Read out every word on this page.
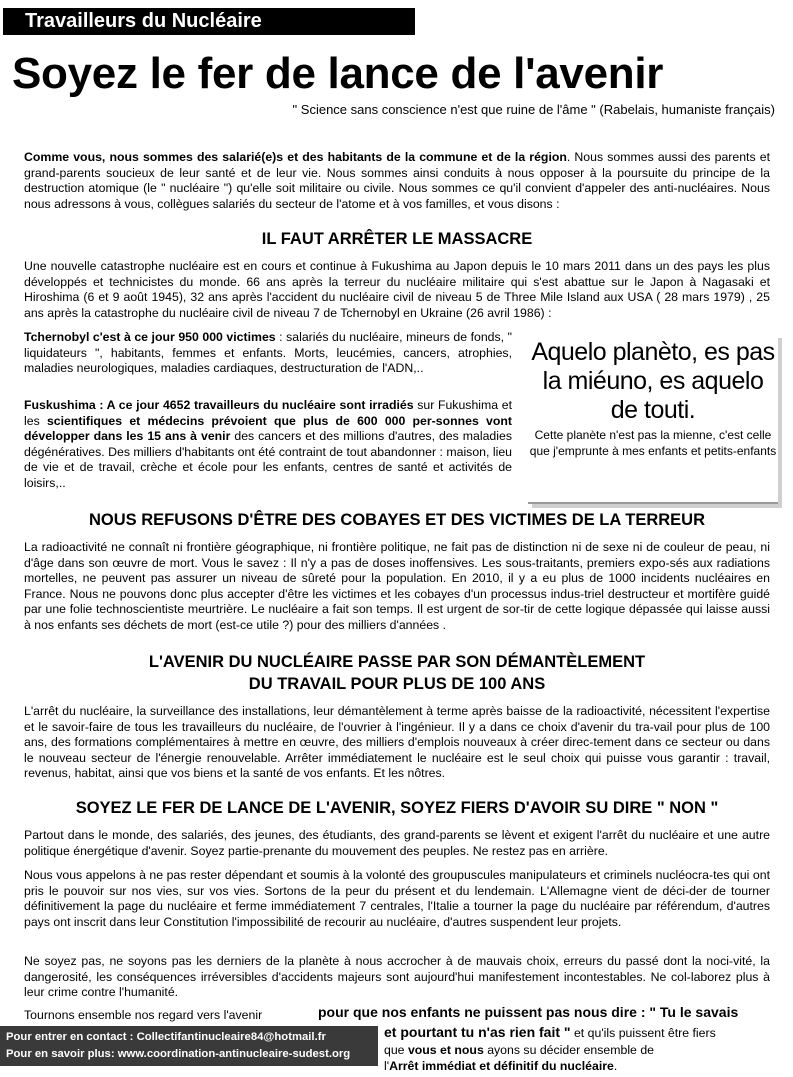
Travailleurs du Nucléaire
Soyez le fer de lance de l'avenir
" Science sans conscience n'est que ruine de l'âme " (Rabelais, humaniste français)
Comme vous, nous sommes des salarié(e)s et des habitants de la commune et de la région. Nous sommes aussi des parents et grand-parents soucieux de leur santé et de leur vie. Nous sommes ainsi conduits à nous opposer à la poursuite du principe de la destruction atomique (le " nucléaire ") qu'elle soit militaire ou civile. Nous sommes ce qu'il convient d'appeler des anti-nucléaires. Nous nous adressons à vous, collègues salariés du secteur de l'atome et à vos familles, et vous disons :
IL FAUT ARRÊTER LE MASSACRE
Une nouvelle catastrophe nucléaire est en cours et continue à Fukushima au Japon depuis le 10 mars 2011 dans un des pays les plus développés et technicistes du monde. 66 ans après la terreur du nucléaire militaire qui s'est abattue sur le Japon à Nagasaki et Hiroshima (6 et 9 août 1945), 32 ans après l'accident du nucléaire civil de niveau 5 de Three Mile Island aux USA ( 28 mars 1979) , 25 ans après la catastrophe du nucléaire civil de niveau 7 de Tchernobyl en Ukraine (26 avril 1986) :
Tchernobyl c'est à ce jour 950 000 victimes : salariés du nucléaire, mineurs de fonds, " liquidateurs ", habitants, femmes et enfants. Morts, leucémies, cancers, atrophies, maladies neurologiques, maladies cardiaques, destructuration de l'ADN,..
Fuskushima : A ce jour 4652 travailleurs du nucléaire sont irradiés sur Fukushima et les scientifiques et médecins prévoient que plus de 600 000 per-sonnes vont développer dans les 15 ans à venir des cancers et des millions d'autres, des maladies dégénératives. Des milliers d'habitants ont été contraint de tout abandonner : maison, lieu de vie et de travail, crèche et école pour les enfants, centres de santé et activités de loisirs,..
Aquelo planèto, es pas la miéuno, es aquelo de touti.
Cette planète n'est pas la mienne, c'est celle que j'emprunte à mes enfants et petits-enfants
NOUS REFUSONS D'ÊTRE DES COBAYES ET DES VICTIMES DE LA TERREUR
La radioactivité ne connaît ni frontière géographique, ni frontière politique, ne fait pas de distinction ni de sexe ni de couleur de peau, ni d'âge dans son œuvre de mort. Vous le savez : Il n'y a pas de doses inoffensives. Les sous-traitants, premiers expo-sés aux radiations mortelles, ne peuvent pas assurer un niveau de sûreté pour la population. En 2010, il y a eu plus de 1000 incidents nucléaires en France. Nous ne pouvons donc plus accepter d'être les victimes et les cobayes d'un processus indus-triel destructeur et mortifère guidé par une folie technoscientiste meurtrière. Le nucléaire a fait son temps. Il est urgent de sor-tir de cette logique dépassée qui laisse aussi à nos enfants ses déchets de mort (est-ce utile ?) pour des milliers d'années .
L'AVENIR DU NUCLÉAIRE PASSE PAR SON DÉMANTÈLEMENT
DU TRAVAIL POUR PLUS DE 100 ANS
L'arrêt du nucléaire, la surveillance des installations, leur démantèlement à terme après baisse de la radioactivité, nécessitent l'expertise et le savoir-faire de tous les travailleurs du nucléaire, de l'ouvrier à l'ingénieur. Il y a dans ce choix d'avenir du tra-vail pour plus de 100 ans, des formations complémentaires à mettre en œuvre, des milliers d'emplois nouveaux à créer direc-tement dans ce secteur ou dans le nouveau secteur de l'énergie renouvelable. Arrêter immédiatement le nucléaire est le seul choix qui puisse vous garantir : travail, revenus, habitat, ainsi que vos biens et la santé de vos enfants. Et les nôtres.
SOYEZ LE FER DE LANCE DE L'AVENIR, SOYEZ FIERS D'AVOIR SU DIRE " NON "
Partout dans le monde, des salariés, des jeunes, des étudiants, des grand-parents se lèvent et exigent l'arrêt du nucléaire et une autre politique énergétique d'avenir. Soyez partie-prenante du mouvement des peuples. Ne restez pas en arrière.
Nous vous appelons à ne pas rester dépendant et soumis à la volonté des groupuscules manipulateurs et criminels nucléocra-tes qui ont pris le pouvoir sur nos vies, sur vos vies. Sortons de la peur du présent et du lendemain. L'Allemagne vient de déci-der de tourner définitivement la page du nucléaire et ferme immédiatement 7 centrales, l'Italie a tourner la page du nucléaire par référendum, d'autres pays ont inscrit dans leur Constitution l'impossibilité de recourir au nucléaire, d'autres suspendent leur projets.
Ne soyez pas, ne soyons pas les derniers de la planète à nous accrocher à de mauvais choix, erreurs du passé dont la noci-vité, la dangerosité, les conséquences irréversibles d'accidents majeurs sont aujourd'hui manifestement incontestables. Ne col-laborez plus à leur crime contre l'humanité.
Tournons ensemble nos regard vers l'avenir	pour que nos enfants ne puissent pas nous dire : " Tu le savais
et pourtant tu n'as rien fait " et qu'ils puissent être fiers
que vous et nous ayons su décider ensemble de
l'Arrêt immédiat et définitif du nucléaire.
Pour entrer en contact : Collectifantinucleaire84@hotmail.fr
Pour en savoir plus: www.coordination-antinucleaire-sudest.org
